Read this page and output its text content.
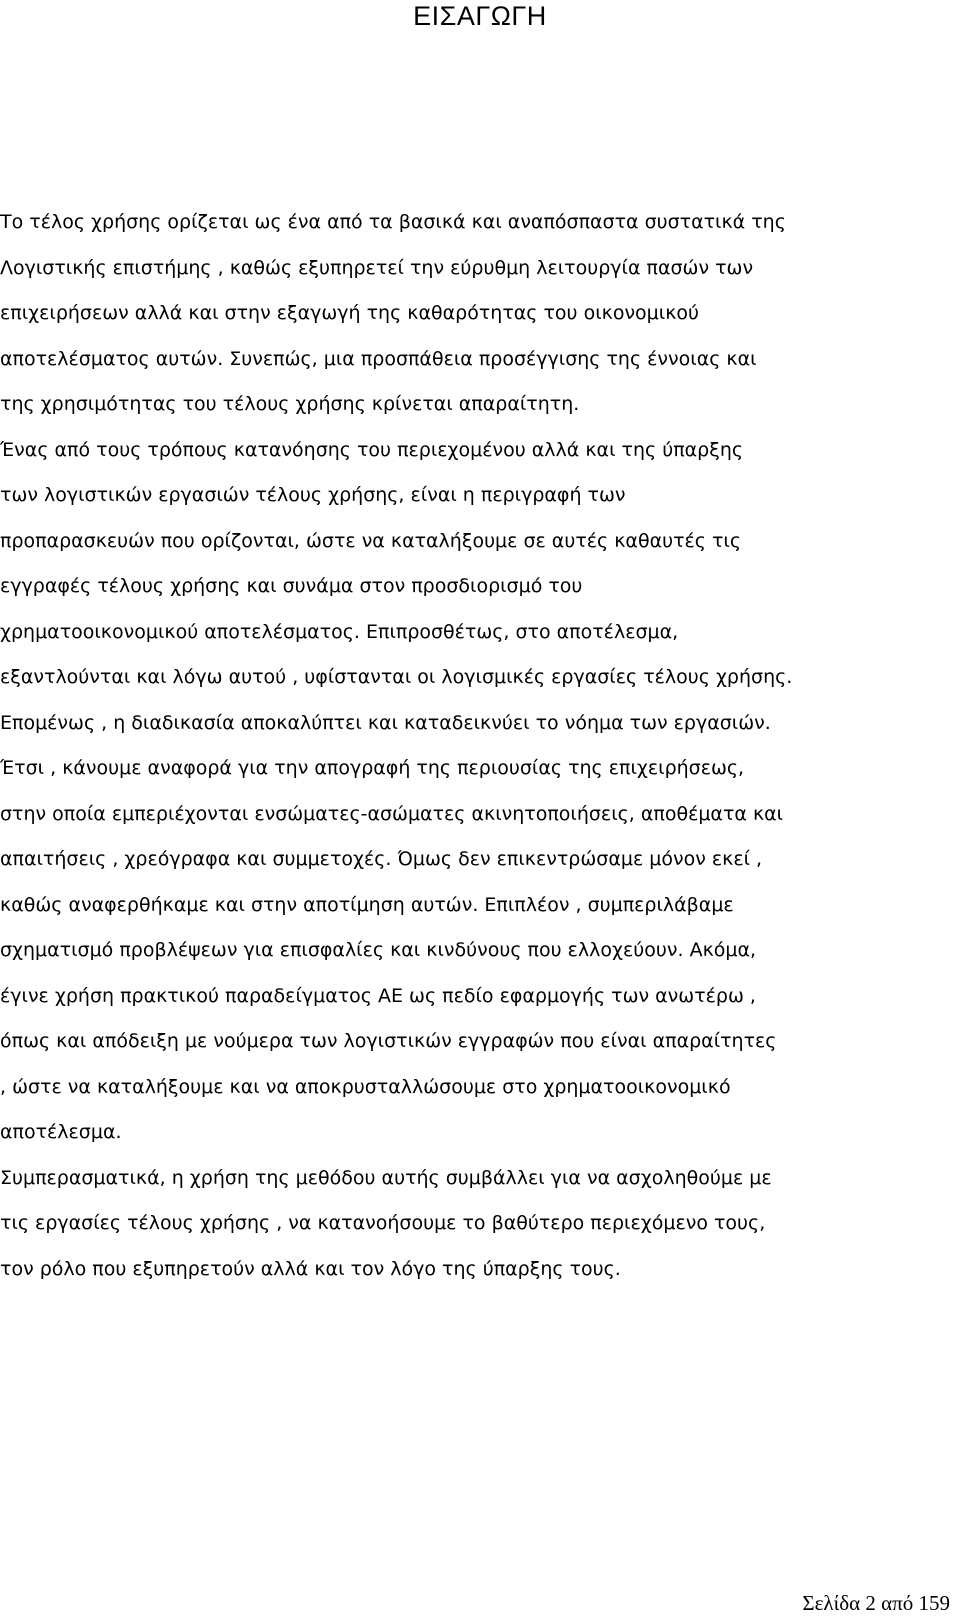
ΕΙΣΑΓΩΓΗ
Το τέλος χρήσης ορίζεται ως ένα από τα βασικά και αναπόσπαστα συστατικά της
Λογιστικής επιστήμης , καθώς εξυπηρετεί την εύρυθμη λειτουργία πασών των
επιχειρήσεων αλλά και στην εξαγωγή της καθαρότητας του οικονομικού
αποτελέσματος αυτών. Συνεπώς, μια προσπάθεια προσέγγισης της έννοιας και
της χρησιμότητας του τέλους χρήσης κρίνεται απαραίτητη.
Ένας από τους τρόπους κατανόησης του περιεχομένου αλλά και της ύπαρξης
των λογιστικών εργασιών τέλους χρήσης, είναι η περιγραφή των
προπαρασκευών που ορίζονται, ώστε να καταλήξουμε σε αυτές καθαυτές τις
εγγραφές τέλους χρήσης και συνάμα στον προσδιορισμό του
χρηματοοικονομικού αποτελέσματος. Επιπροσθέτως, στο αποτέλεσμα,
εξαντλούνται και λόγω αυτού , υφίστανται οι λογισμικές εργασίες τέλους χρήσης.
Επομένως , η διαδικασία αποκαλύπτει και καταδεικνύει το νόημα των εργασιών.
Έτσι , κάνουμε αναφορά για την απογραφή της περιουσίας της επιχειρήσεως,
στην οποία εμπεριέχονται ενσώματες-ασώματες ακινητοποιήσεις, αποθέματα και
απαιτήσεις , χρεόγραφα και συμμετοχές. Όμως δεν επικεντρώσαμε μόνον εκεί ,
καθώς αναφερθήκαμε και στην αποτίμηση αυτών. Επιπλέον , συμπεριλάβαμε
σχηματισμό προβλέψεων για επισφαλίες και κινδύνους που ελλοχεύουν. Ακόμα,
έγινε χρήση πρακτικού παραδείγματος ΑΕ ως πεδίο εφαρμογής των ανωτέρω ,
όπως και απόδειξη με νούμερα των λογιστικών εγγραφών που είναι απαραίτητες
, ώστε να καταλήξουμε και να αποκρυσταλλώσουμε στο χρηματοοικονομικό
αποτέλεσμα.
Συμπερασματικά, η χρήση της μεθόδου αυτής συμβάλλει για να ασχοληθούμε με
τις εργασίες τέλους χρήσης , να κατανοήσουμε το βαθύτερο περιεχόμενο τους,
τον ρόλο που εξυπηρετούν αλλά και τον λόγο της ύπαρξης τους.
Σελίδα 2 από 159
